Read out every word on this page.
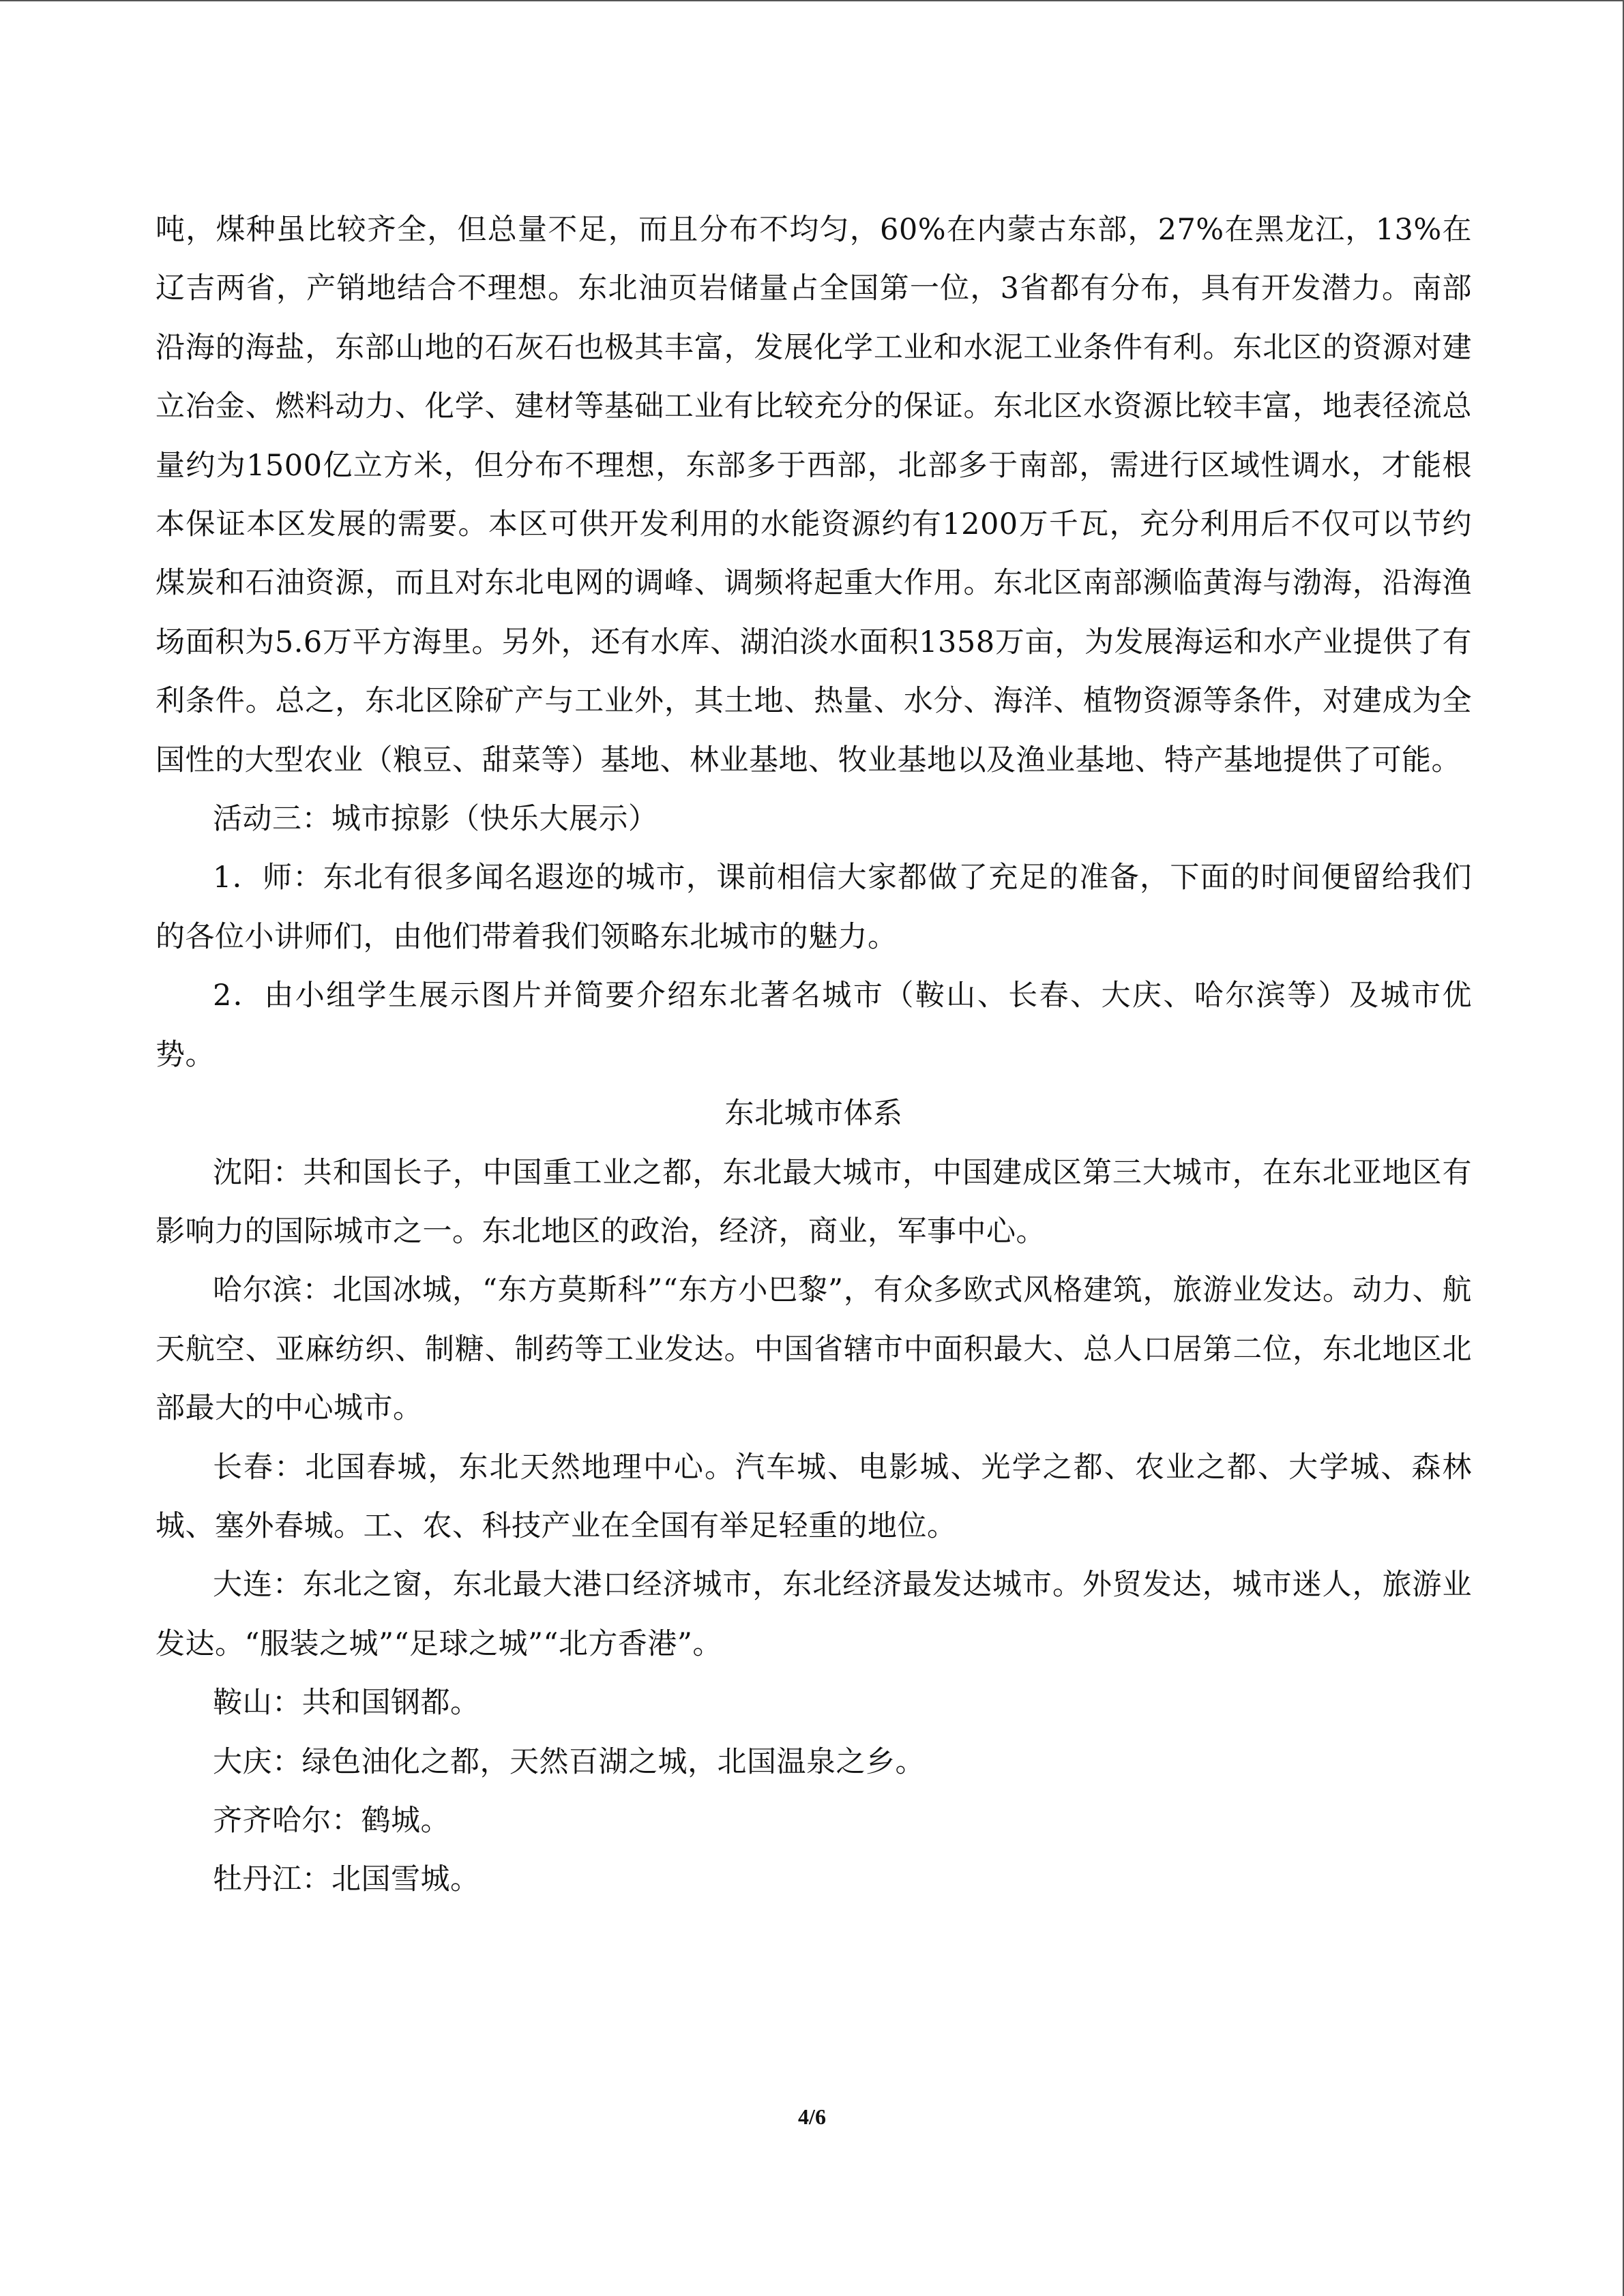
吨，煤种虽比较齐全，但总量不足，而且分布不均匀，60%在内蒙古东部，27%在黑龙江，13%在辽吉两省，产销地结合不理想。东北油页岩储量占全国第一位，3省都有分布，具有开发潜力。南部沿海的海盐，东部山地的石灰石也极其丰富，发展化学工业和水泥工业条件有利。东北区的资源对建立冶金、燃料动力、化学、建材等基础工业有比较充分的保证。东北区水资源比较丰富，地表径流总量约为1500亿立方米，但分布不理想，东部多于西部，北部多于南部，需进行区域性调水，才能根本保证本区发展的需要。本区可供开发利用的水能资源约有1200万千瓦，充分利用后不仅可以节约煤炭和石油资源，而且对东北电网的调峰、调频将起重大作用。东北区南部濒临黄海与渤海，沿海渔场面积为5.6万平方海里。另外，还有水库、湖泊淡水面积1358万亩，为发展海运和水产业提供了有利条件。总之，东北区除矿产与工业外，其土地、热量、水分、海洋、植物资源等条件，对建成为全国性的大型农业（粮豆、甜菜等）基地、林业基地、牧业基地以及渔业基地、特产基地提供了可能。

活动三：城市掠影（快乐大展示）

1．师：东北有很多闻名遐迩的城市，课前相信大家都做了充足的准备，下面的时间便留给我们的各位小讲师们，由他们带着我们领略东北城市的魅力。

2．由小组学生展示图片并简要介绍东北著名城市（鞍山、长春、大庆、哈尔滨等）及城市优势。

东北城市体系

沈阳：共和国长子，中国重工业之都，东北最大城市，中国建成区第三大城市，在东北亚地区有影响力的国际城市之一。东北地区的政治，经济，商业，军事中心。

哈尔滨：北国冰城，“东方莫斯科”“东方小巴黎”，有众多欧式风格建筑，旅游业发达。动力、航天航空、亚麻纺织、制糖、制药等工业发达。中国省辖市中面积最大、总人口居第二位，东北地区北部最大的中心城市。

长春：北国春城，东北天然地理中心。汽车城、电影城、光学之都、农业之都、大学城、森林城、塞外春城。工、农、科技产业在全国有举足轻重的地位。

大连：东北之窗，东北最大港口经济城市，东北经济最发达城市。外贸发达，城市迷人，旅游业发达。“服装之城”“足球之城”“北方香港”。

鞍山：共和国钢都。

大庆：绿色油化之都，天然百湖之城，北国温泉之乡。

齐齐哈尔：鹤城。

牡丹江：北国雪城。

4/6
